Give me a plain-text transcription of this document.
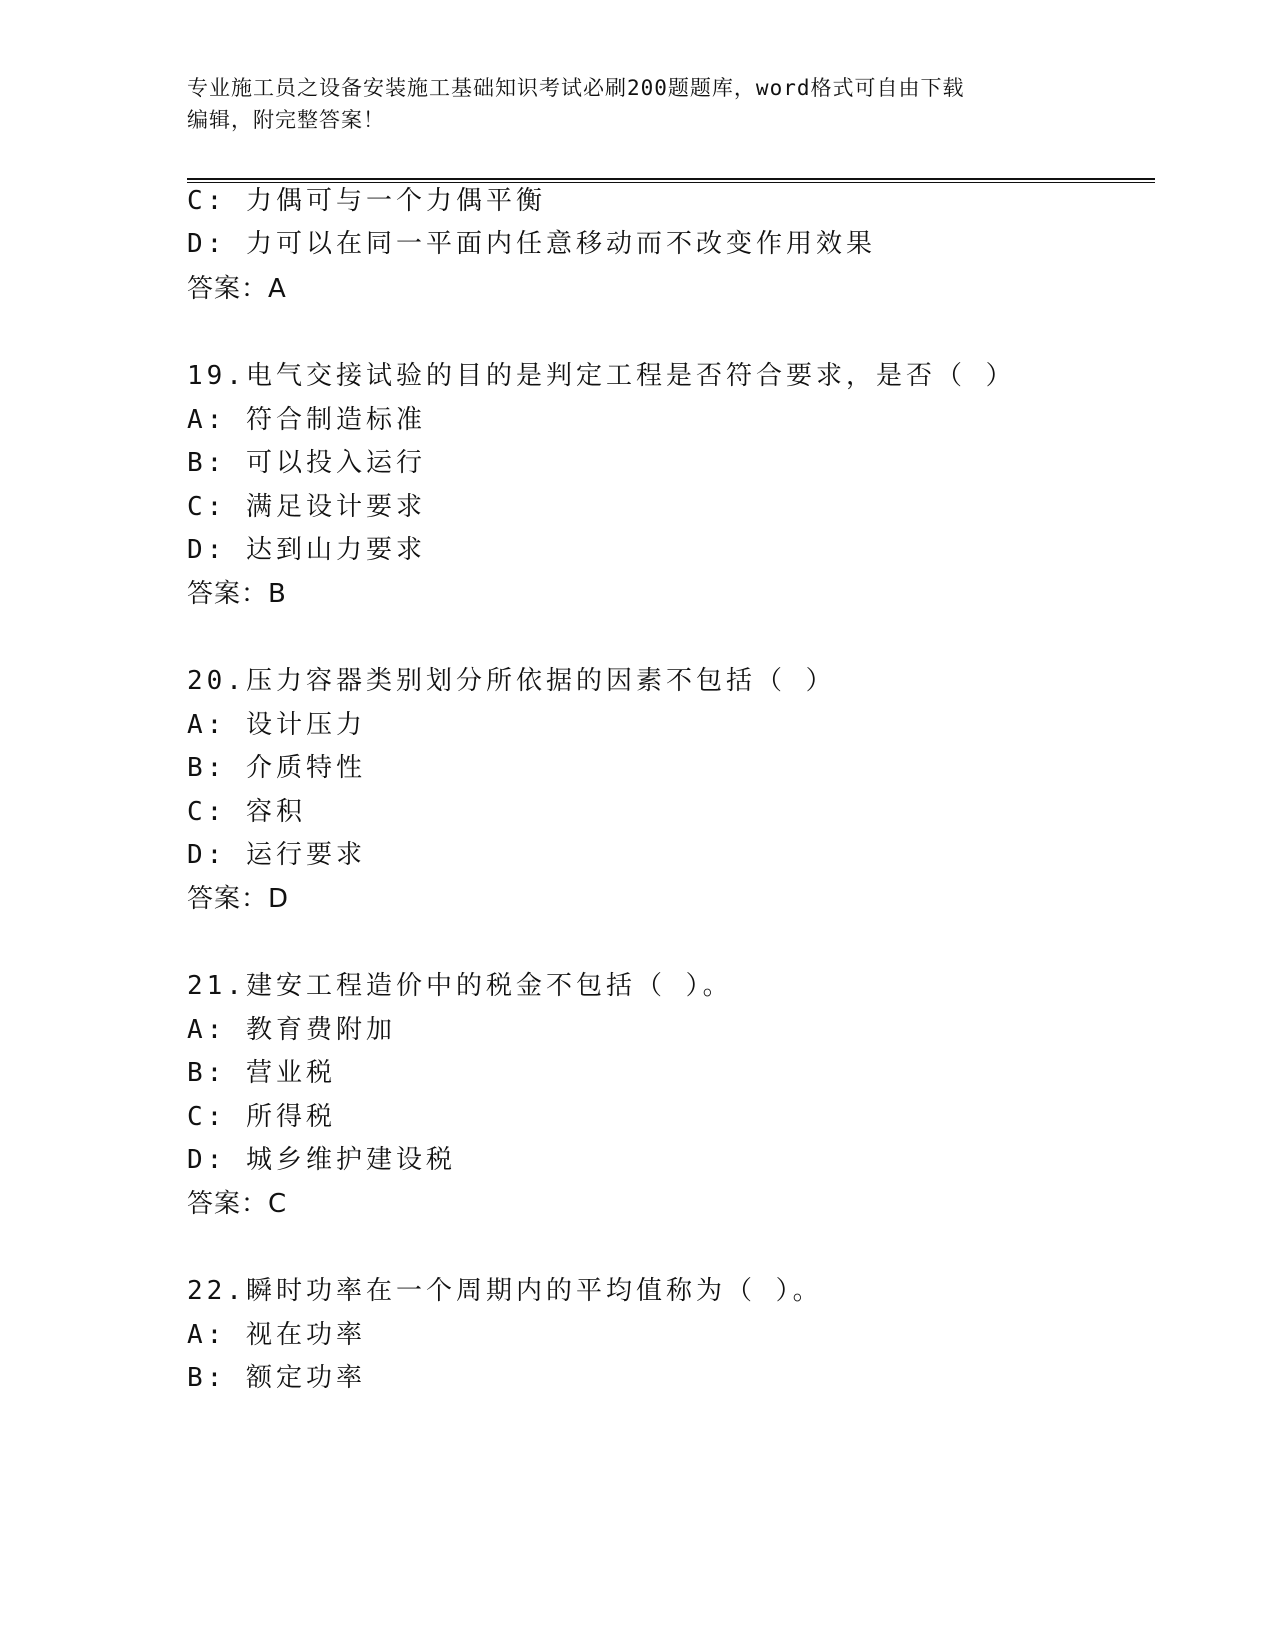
专业施工员之设备安装施工基础知识考试必刷200题题库，word格式可自由下载
编辑，附完整答案！
C: 力偶可与一个力偶平衡
D: 力可以在同一平面内任意移动而不改变作用效果
答案：A
19.电气交接试验的目的是判定工程是否符合要求，是否（ ）
A: 符合制造标准
B: 可以投入运行
C: 满足设计要求
D: 达到山力要求
答案：B
20.压力容器类别划分所依据的因素不包括（ ）
A: 设计压力
B: 介质特性
C: 容积
D: 运行要求
答案：D
21.建安工程造价中的税金不包括（ ）。
A: 教育费附加
B: 营业税
C: 所得税
D: 城乡维护建设税
答案：C
22.瞬时功率在一个周期内的平均值称为（ ）。
A: 视在功率
B: 额定功率
